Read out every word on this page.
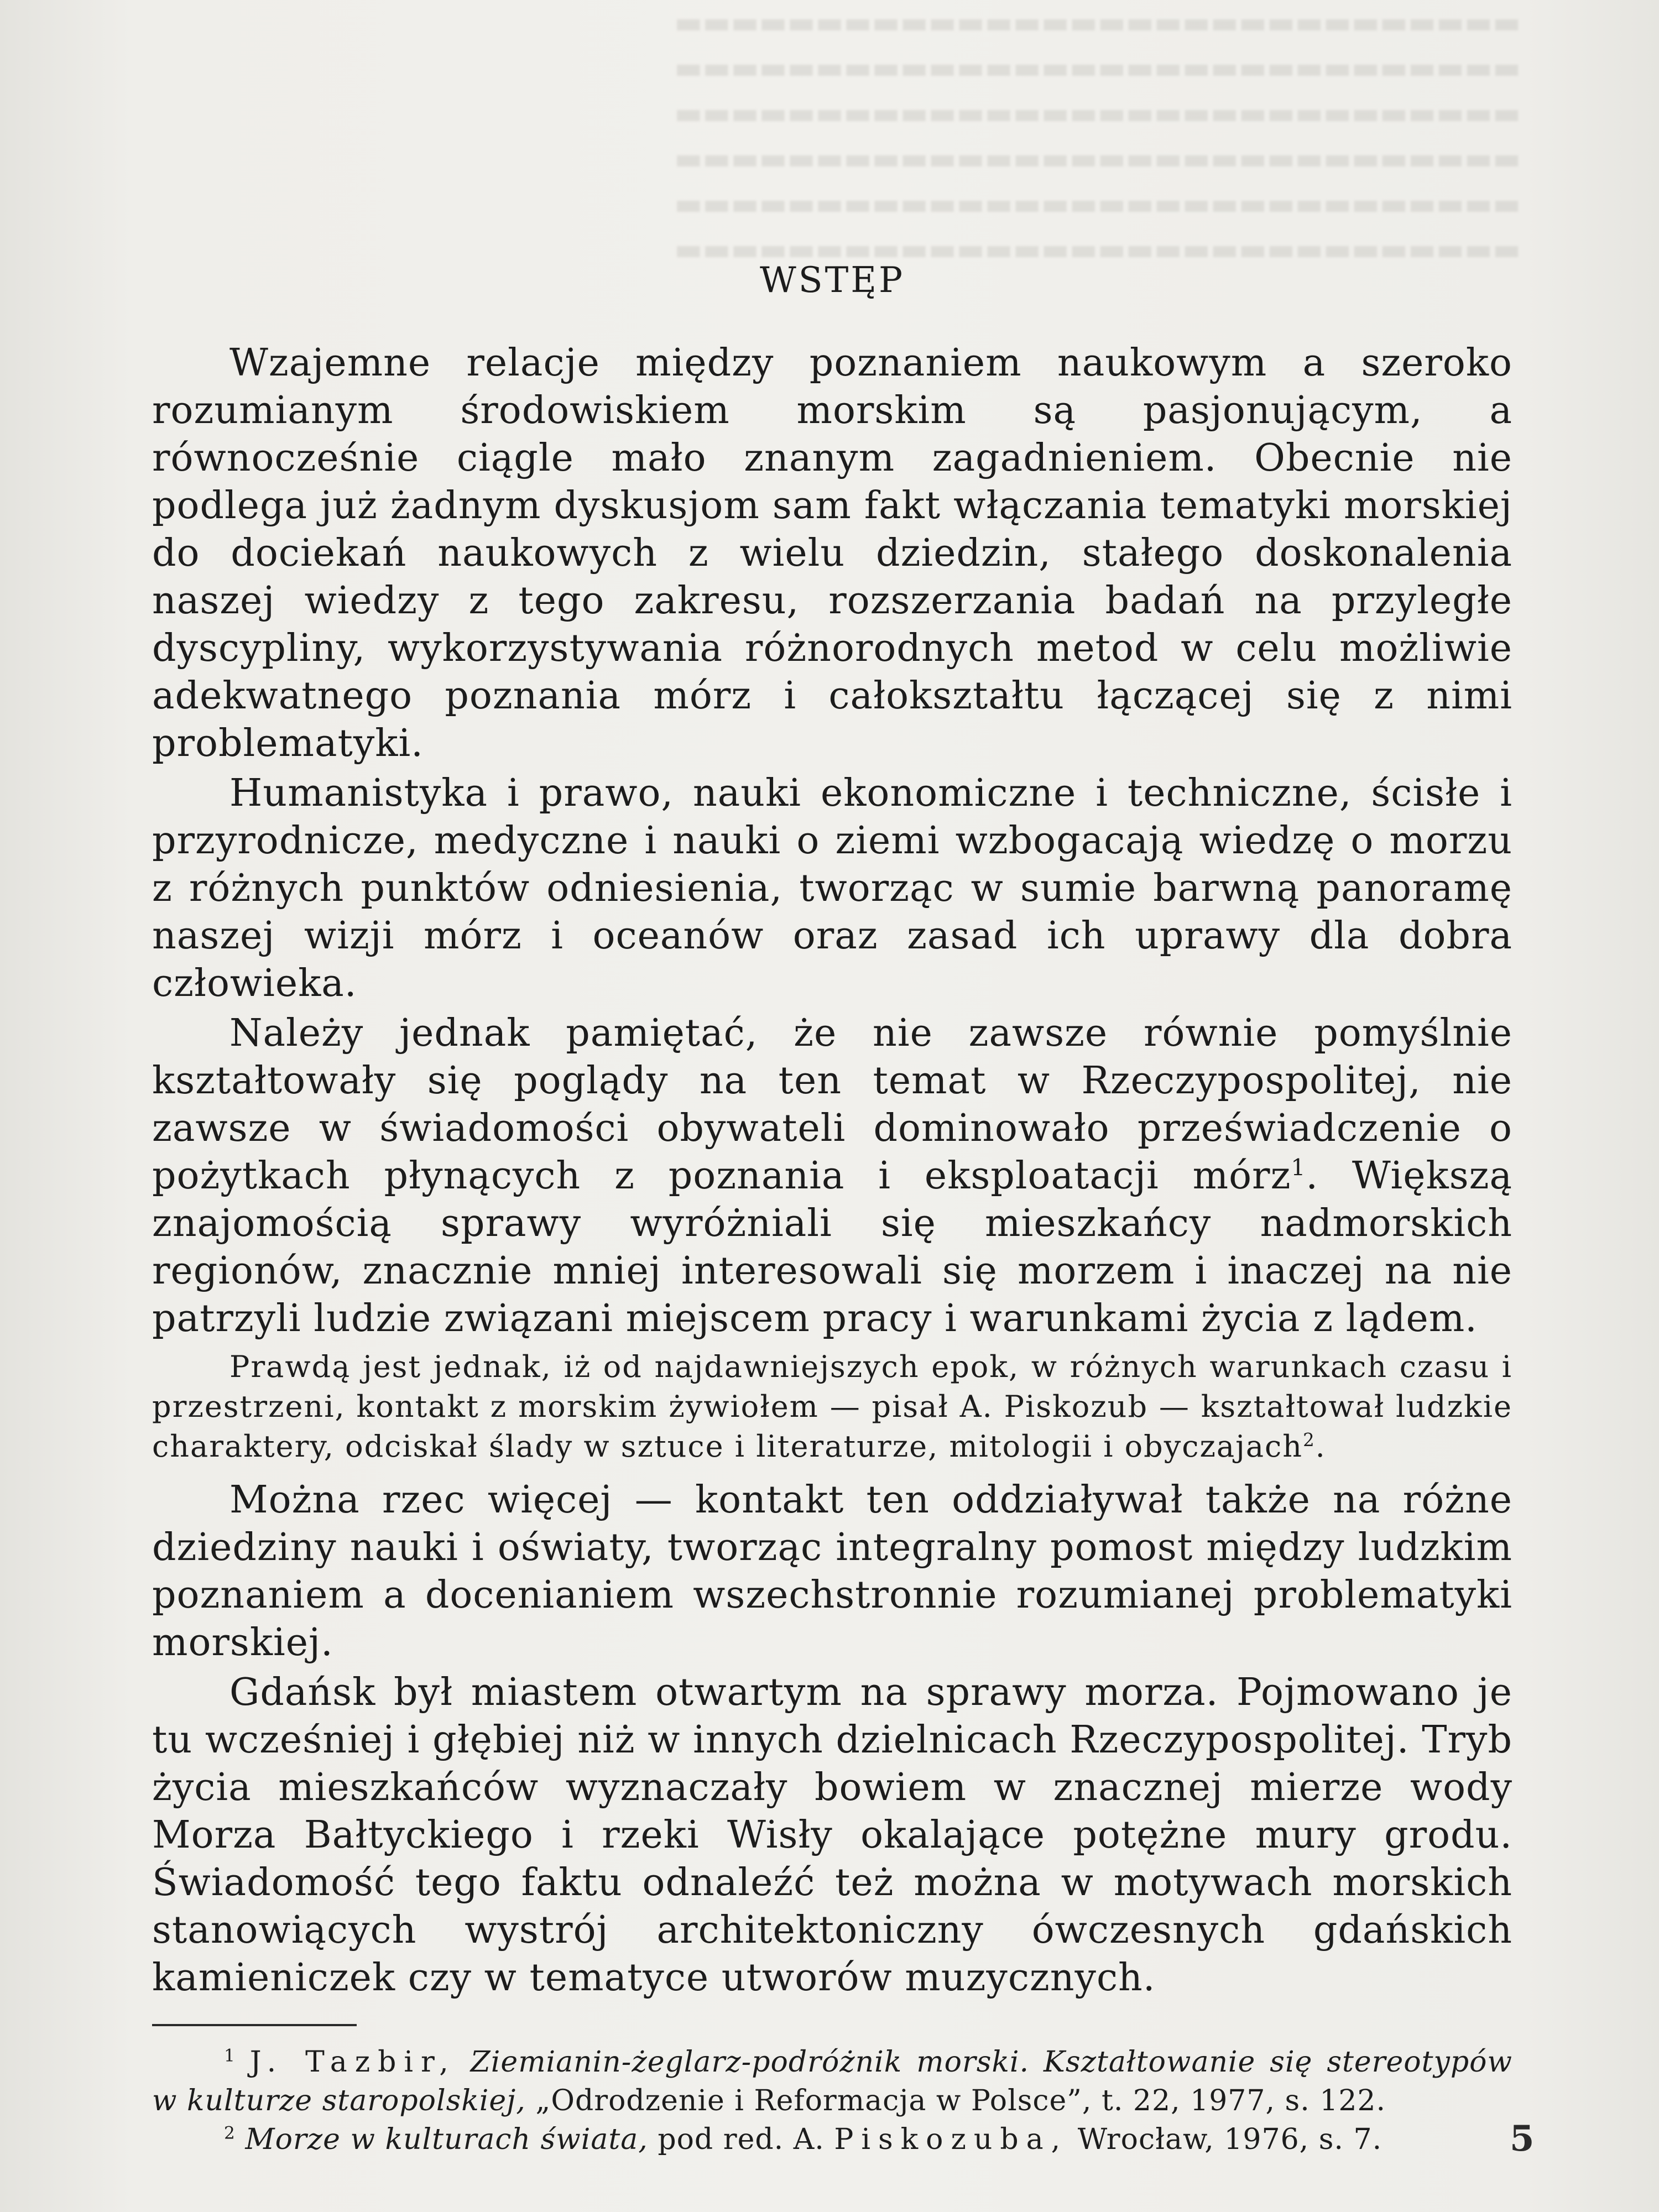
▬▬▬▬▬▬▬▬▬▬▬▬▬▬▬▬▬▬▬▬▬▬▬▬▬▬▬▬▬▬
▬▬▬▬▬▬▬▬▬▬▬▬▬▬▬▬▬▬▬▬▬▬▬▬▬▬▬▬▬▬
▬▬▬▬▬▬▬▬▬▬▬▬▬▬▬▬▬▬▬▬▬▬▬▬▬▬▬▬▬▬
▬▬▬▬▬▬▬▬▬▬▬▬▬▬▬▬▬▬▬▬▬▬▬▬▬▬▬▬▬▬
▬▬▬▬▬▬▬▬▬▬▬▬▬▬▬▬▬▬▬▬▬▬▬▬▬▬▬▬▬▬
▬▬▬▬▬▬▬▬▬▬▬▬▬▬▬▬▬▬▬▬▬▬▬▬▬▬▬▬▬▬
WSTĘP

Wzajemne relacje między poznaniem naukowym a szeroko rozumianym środowiskiem morskim są pasjonującym, a równocześnie ciągle mało znanym zagadnieniem. Obecnie nie podlega już żadnym dyskusjom sam fakt włączania tematyki morskiej do dociekań naukowych z wielu dziedzin, stałego doskonalenia naszej wiedzy z tego zakresu, rozszerzania badań na przyległe dyscypliny, wykorzystywania różnorodnych metod w celu możliwie adekwatnego poznania mórz i całokształtu łączącej się z nimi problematyki.

Humanistyka i prawo, nauki ekonomiczne i techniczne, ścisłe i przyrodnicze, medyczne i nauki o ziemi wzbogacają wiedzę o morzu z różnych punktów odniesienia, tworząc w sumie barwną panoramę naszej wizji mórz i oceanów oraz zasad ich uprawy dla dobra człowieka.

Należy jednak pamiętać, że nie zawsze równie pomyślnie kształtowały się poglądy na ten temat w Rzeczypospolitej, nie zawsze w świadomości obywateli dominowało przeświadczenie o pożytkach płynących z poznania i eksploatacji mórz$^1$. Większą znajomością sprawy wyróżniali się mieszkańcy nadmorskich regionów, znacznie mniej interesowali się morzem i inaczej na nie patrzyli ludzie związani miejscem pracy i warunkami życia z lądem.

Prawdą jest jednak, iż od najdawniejszych epok, w różnych warunkach czasu i przestrzeni, kontakt z morskim żywiołem — pisał A. Piskozub — kształtował ludzkie charaktery, odciskał ślady w sztuce i literaturze, mitologii i obyczajach$^2$.

Można rzec więcej — kontakt ten oddziaływał także na różne dziedziny nauki i oświaty, tworząc integralny pomost między ludzkim poznaniem a docenianiem wszechstronnie rozumianej problematyki morskiej.

Gdańsk był miastem otwartym na sprawy morza. Pojmowano je tu wcześniej i głębiej niż w innych dzielnicach Rzeczypospolitej. Tryb życia mieszkańców wyznaczały bowiem w znacznej mierze wody Morza Bałtyckiego i rzeki Wisły okalające potężne mury grodu. Świadomość tego faktu odnaleźć też można w motywach morskich stanowiących wystrój architektoniczny ówczesnych gdańskich kamieniczek czy w tematyce utworów muzycznych.

$^1$ J. Tazbir, Ziemianin-żeglarz-podróżnik morski. Kształtowanie się stereotypów w kulturze staropolskiej, „Odrodzenie i Reformacja w Polsce”, t. 22, 1977, s. 122.

$^2$ Morze w kulturach świata, pod red. A. Piskozuba, Wrocław, 1976, s. 7.	5
